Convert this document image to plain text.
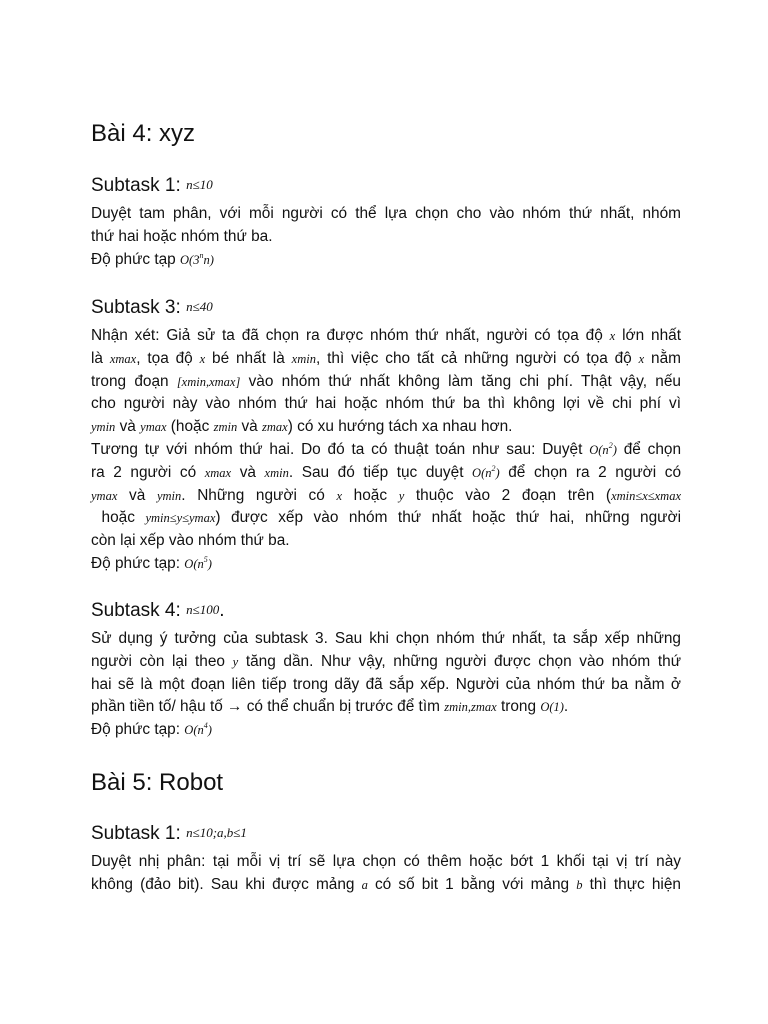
Bài 4: xyz
Subtask 1: n≤10

Duyệt tam phân, với mỗi người có thể lựa chọn cho vào nhóm thứ nhất, nhóm

thứ hai hoặc nhóm thứ ba.

Độ phức tạp O(3$^n$n)

Subtask 3: n≤40

Nhận xét: Giả sử ta đã chọn ra được nhóm thứ nhất, người có tọa độ x lớn nhất

là xmax, tọa độ x bé nhất là xmin, thì việc cho tất cả những người có tọa độ x nằm

trong đoạn [xmin,xmax] vào nhóm thứ nhất không làm tăng chi phí. Thật vậy, nếu

cho người này vào nhóm thứ hai hoặc nhóm thứ ba thì không lợi về chi phí vì

ymin và ymax (hoặc zmin và zmax) có xu hướng tách xa nhau hơn.

Tương tự với nhóm thứ hai. Do đó ta có thuật toán như sau: Duyệt $O(n^2)$ để chọn

ra 2 người có xmax và xmin. Sau đó tiếp tục duyệt $O(n^2)$ để chọn ra 2 người có

ymax và ymin. Những người có x hoặc y thuộc vào 2 đoạn trên (xmin≤x≤xmax

hoặc ymin≤y≤ymax) được xếp vào nhóm thứ nhất hoặc thứ hai, những người

còn lại xếp vào nhóm thứ ba.

Độ phức tạp: $O(n^5)$

Subtask 4: n≤100.

Sử dụng ý tưởng của subtask 3. Sau khi chọn nhóm thứ nhất, ta sắp xếp những

người còn lại theo y tăng dần. Như vậy, những người được chọn vào nhóm thứ

hai sẽ là một đoạn liên tiếp trong dãy đã sắp xếp. Người của nhóm thứ ba nằm ở

phần tiền tố/ hậu tố → có thể chuẩn bị trước để tìm zmin,zmax trong O(1).

Độ phức tạp: $O(n^4)$

Bài 5: Robot
Subtask 1: n≤10;a,b≤1

Duyệt nhị phân: tại mỗi vị trí sẽ lựa chọn có thêm hoặc bớt 1 khối tại vị trí này

không (đảo bit). Sau khi được mảng a có số bit 1 bằng với mảng b thì thực hiện
